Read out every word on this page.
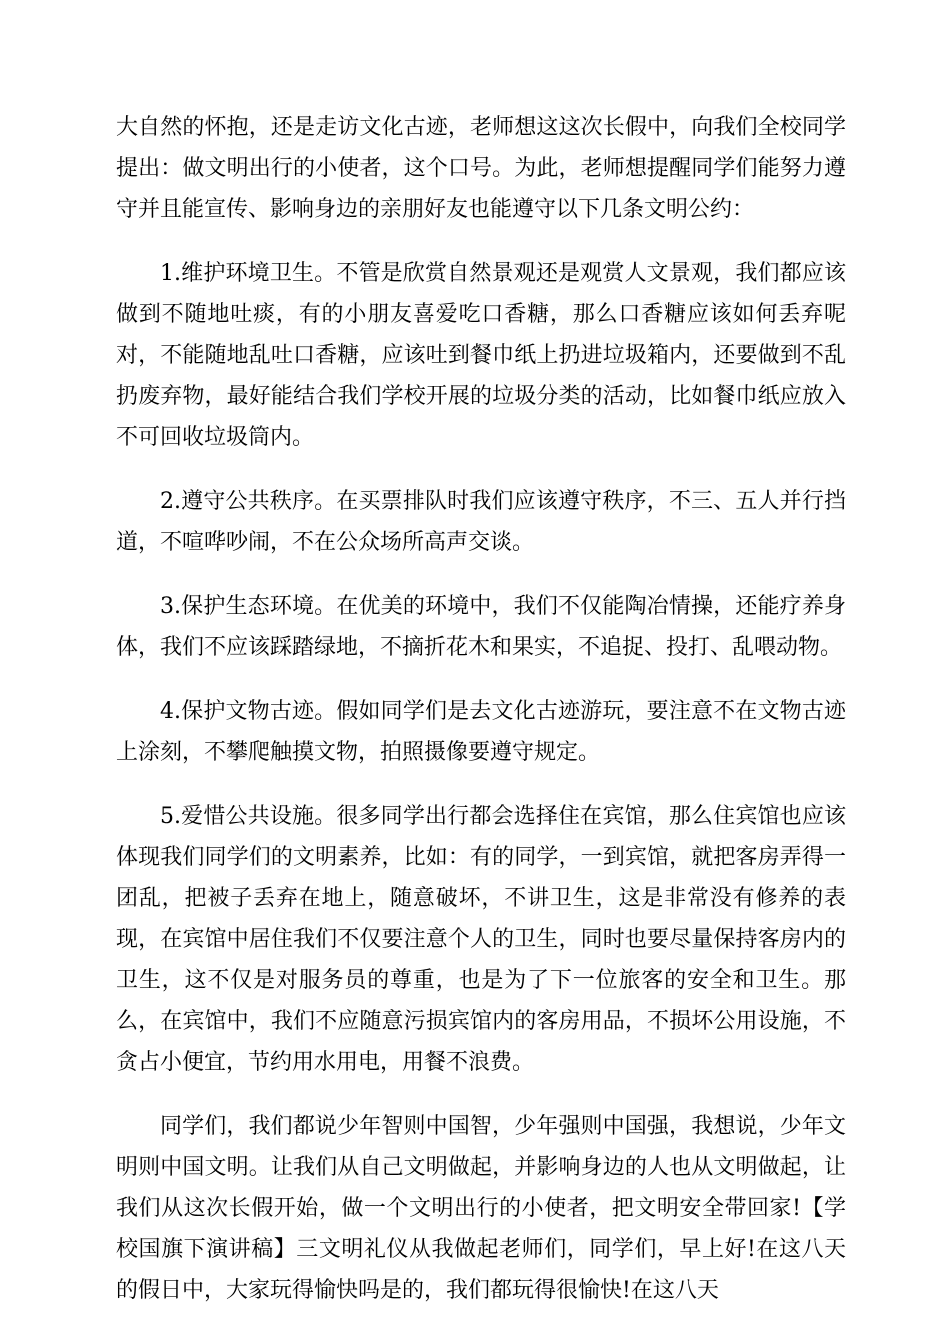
大自然的怀抱，还是走访文化古迹，老师想这这次长假中，向我们全校同学提出：做文明出行的小使者，这个口号。为此，老师想提醒同学们能努力遵守并且能宣传、影响身边的亲朋好友也能遵守以下几条文明公约：

1.维护环境卫生。不管是欣赏自然景观还是观赏人文景观，我们都应该做到不随地吐痰，有的小朋友喜爱吃口香糖，那么口香糖应该如何丢弃呢对，不能随地乱吐口香糖，应该吐到餐巾纸上扔进垃圾箱内，还要做到不乱扔废弃物，最好能结合我们学校开展的垃圾分类的活动，比如餐巾纸应放入不可回收垃圾筒内。

2.遵守公共秩序。在买票排队时我们应该遵守秩序，不三、五人并行挡道，不喧哗吵闹，不在公众场所高声交谈。

3.保护生态环境。在优美的环境中，我们不仅能陶冶情操，还能疗养身体，我们不应该踩踏绿地，不摘折花木和果实，不追捉、投打、乱喂动物。

4.保护文物古迹。假如同学们是去文化古迹游玩，要注意不在文物古迹上涂刻，不攀爬触摸文物，拍照摄像要遵守规定。

5.爱惜公共设施。很多同学出行都会选择住在宾馆，那么住宾馆也应该体现我们同学们的文明素养，比如：有的同学，一到宾馆，就把客房弄得一团乱，把被子丢弃在地上，随意破坏，不讲卫生，这是非常没有修养的表现，在宾馆中居住我们不仅要注意个人的卫生，同时也要尽量保持客房内的卫生，这不仅是对服务员的尊重，也是为了下一位旅客的安全和卫生。那么，在宾馆中，我们不应随意污损宾馆内的客房用品，不损坏公用设施，不贪占小便宜，节约用水用电，用餐不浪费。

同学们，我们都说少年智则中国智，少年强则中国强，我想说，少年文明则中国文明。让我们从自己文明做起，并影响身边的人也从文明做起，让我们从这次长假开始，做一个文明出行的小使者，把文明安全带回家!【学校国旗下演讲稿】三文明礼仪从我做起老师们，同学们，早上好!在这八天的假日中，大家玩得愉快吗是的，我们都玩得很愉快!在这八天
